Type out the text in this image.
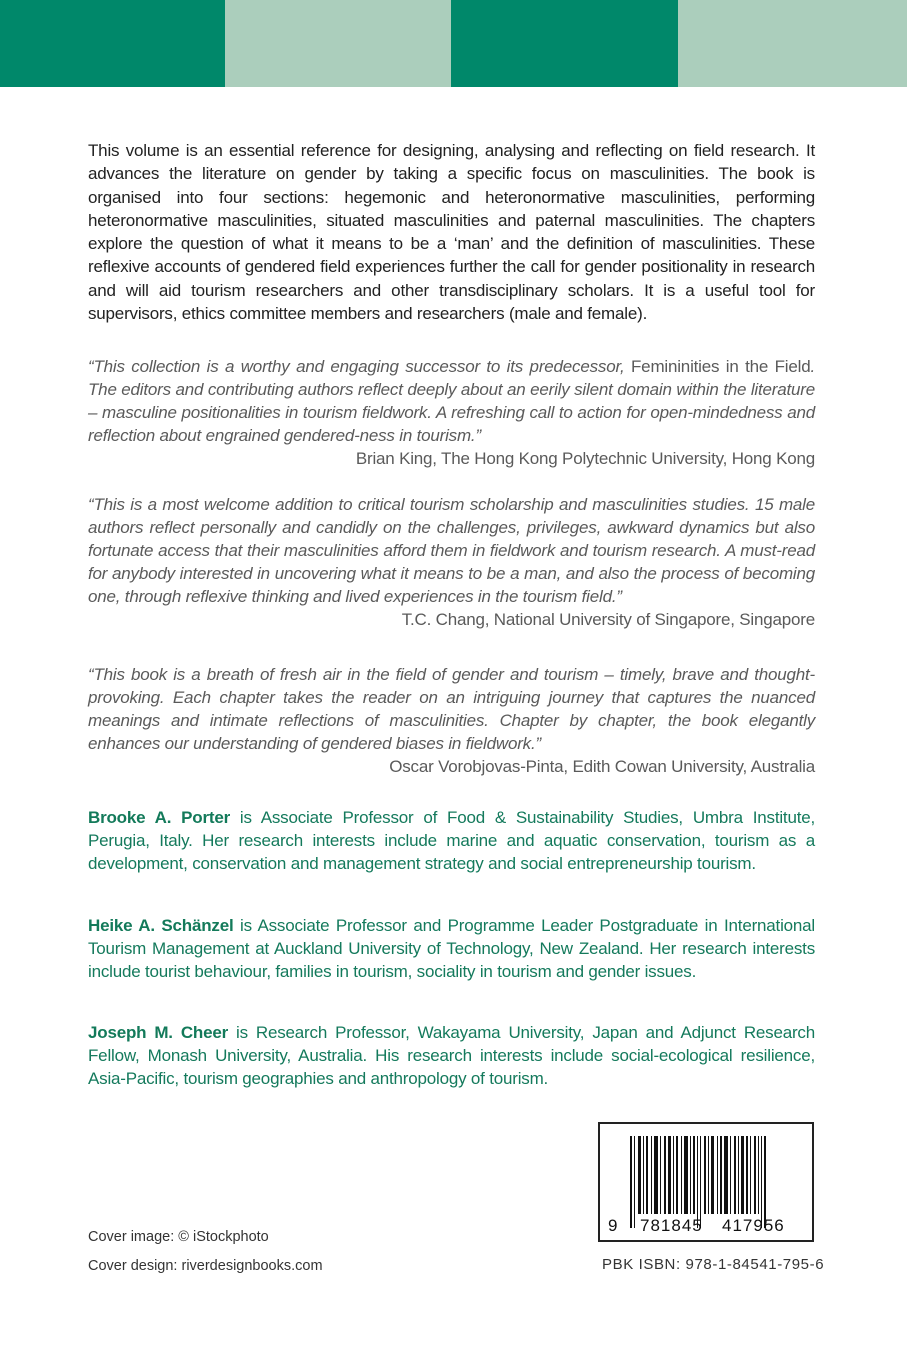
This volume is an essential reference for designing, analysing and reflecting on field research. It advances the literature on gender by taking a specific focus on masculinities. The book is organised into four sections: hegemonic and heteronormative masculinities, performing heteronormative masculinities, situated masculinities and paternal masculinities. The chapters explore the question of what it means to be a ‘man’ and the definition of masculinities. These reflexive accounts of gendered field experiences further the call for gender positionality in research and will aid tourism researchers and other transdisciplinary scholars. It is a useful tool for supervisors, ethics committee members and researchers (male and female).
“This collection is a worthy and engaging successor to its predecessor, Femininities in the Field. The editors and contributing authors reflect deeply about an eerily silent domain within the literature – masculine positionalities in tourism fieldwork. A refreshing call to action for open-mindedness and reflection about engrained gendered-ness in tourism.”
Brian King, The Hong Kong Polytechnic University, Hong Kong
“This is a most welcome addition to critical tourism scholarship and masculinities studies. 15 male authors reflect personally and candidly on the challenges, privileges, awkward dynamics but also fortunate access that their masculinities afford them in fieldwork and tourism research. A must-read for anybody interested in uncovering what it means to be a man, and also the process of becoming one, through reflexive thinking and lived experiences in the tourism field.”
T.C. Chang, National University of Singapore, Singapore
“This book is a breath of fresh air in the field of gender and tourism – timely, brave and thought-provoking. Each chapter takes the reader on an intriguing journey that captures the nuanced meanings and intimate reflections of masculinities. Chapter by chapter, the book elegantly enhances our understanding of gendered biases in fieldwork.”
Oscar Vorobjovas-Pinta, Edith Cowan University, Australia
Brooke A. Porter is Associate Professor of Food & Sustainability Studies, Umbra Institute, Perugia, Italy. Her research interests include marine and aquatic conservation, tourism as a development, conservation and management strategy and social entrepreneurship tourism.
Heike A. Schänzel is Associate Professor and Programme Leader Postgraduate in International Tourism Management at Auckland University of Technology, New Zealand. Her research interests include tourist behaviour, families in tourism, sociality in tourism and gender issues.
Joseph M. Cheer is Research Professor, Wakayama University, Japan and Adjunct Research Fellow, Monash University, Australia. His research interests include social-ecological resilience, Asia-Pacific, tourism geographies and anthropology of tourism.
9 781845 417956
PBK ISBN: 978-1-84541-795-6
Cover image: © iStockphoto
Cover design: riverdesignbooks.com
